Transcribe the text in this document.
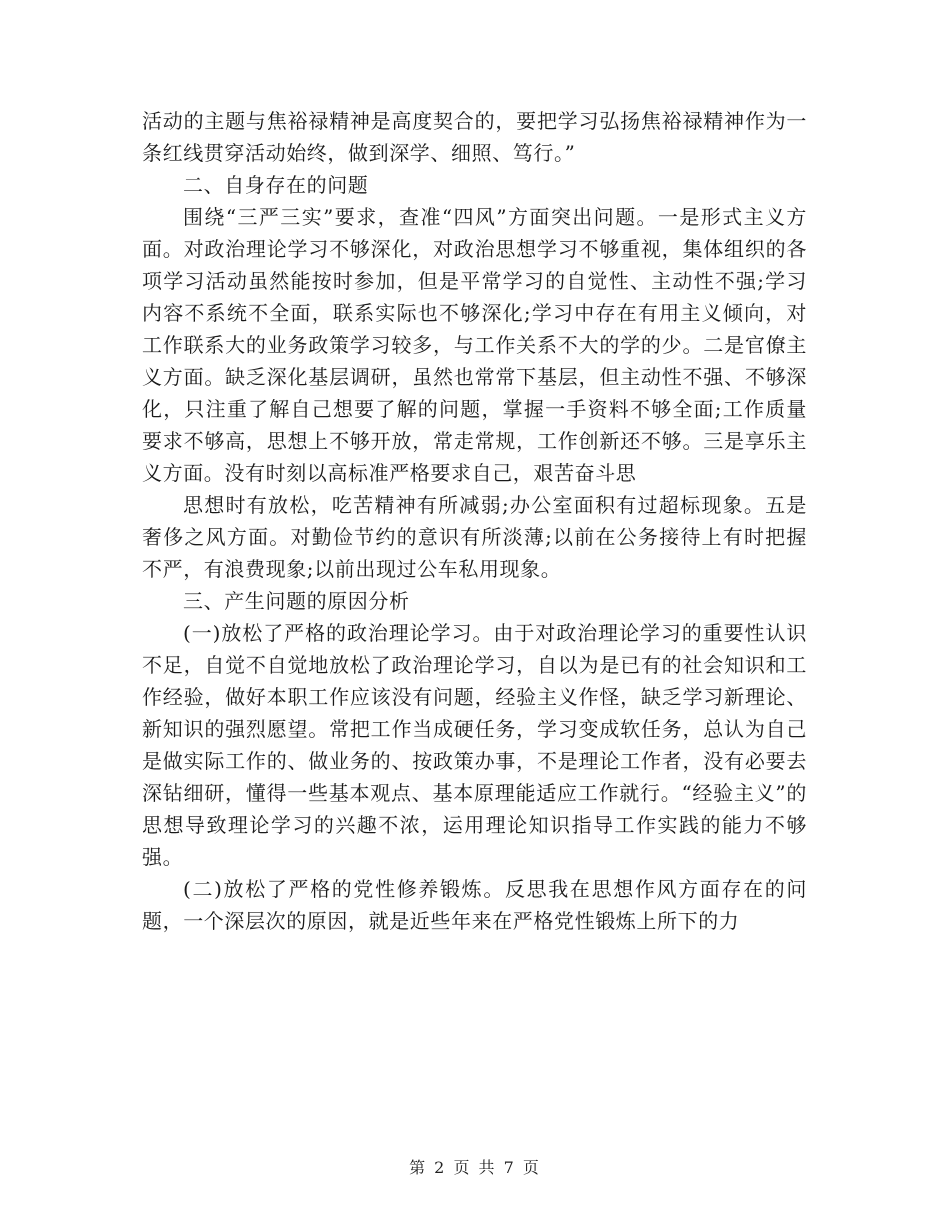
活动的主题与焦裕禄精神是高度契合的，要把学习弘扬焦裕禄精神作为一条红线贯穿活动始终，做到深学、细照、笃行。”

二、自身存在的问题

围绕“三严三实”要求，查准“四风”方面突出问题。一是形式主义方面。对政治理论学习不够深化，对政治思想学习不够重视，集体组织的各项学习活动虽然能按时参加，但是平常学习的自觉性、主动性不强;学习内容不系统不全面，联系实际也不够深化;学习中存在有用主义倾向，对工作联系大的业务政策学习较多，与工作关系不大的学的少。二是官僚主义方面。缺乏深化基层调研，虽然也常常下基层，但主动性不强、不够深化，只注重了解自己想要了解的问题，掌握一手资料不够全面;工作质量要求不够高，思想上不够开放，常走常规，工作创新还不够。三是享乐主义方面。没有时刻以高标准严格要求自己，艰苦奋斗思

思想时有放松，吃苦精神有所减弱;办公室面积有过超标现象。五是奢侈之风方面。对勤俭节约的意识有所淡薄;以前在公务接待上有时把握不严，有浪费现象;以前出现过公车私用现象。

三、产生问题的原因分析

(一)放松了严格的政治理论学习。由于对政治理论学习的重要性认识不足，自觉不自觉地放松了政治理论学习，自以为是已有的社会知识和工作经验，做好本职工作应该没有问题，经验主义作怪，缺乏学习新理论、新知识的强烈愿望。常把工作当成硬任务，学习变成软任务，总认为自己是做实际工作的、做业务的、按政策办事，不是理论工作者，没有必要去深钻细研，懂得一些基本观点、基本原理能适应工作就行。“经验主义”的思想导致理论学习的兴趣不浓，运用理论知识指导工作实践的能力不够强。

(二)放松了严格的党性修养锻炼。反思我在思想作风方面存在的问题，一个深层次的原因，就是近些年来在严格党性锻炼上所下的力

第 2 页 共 7 页
